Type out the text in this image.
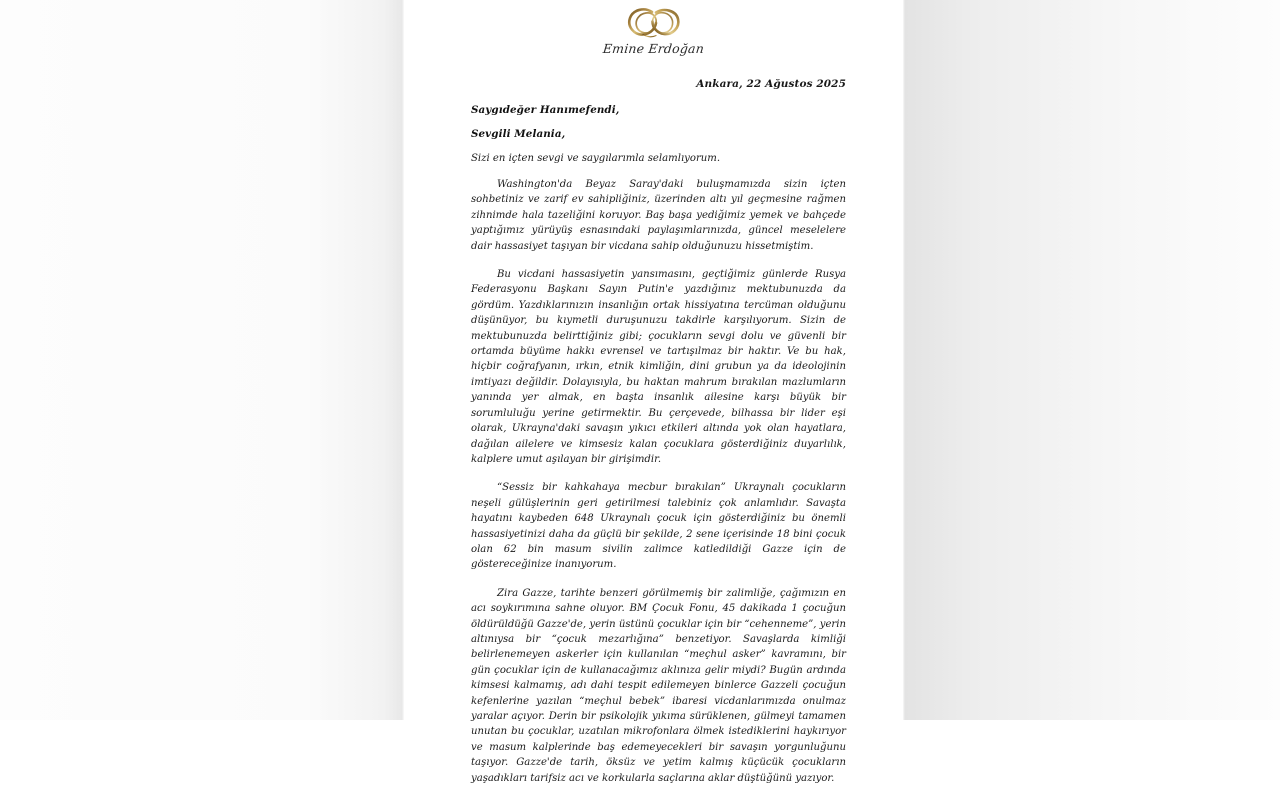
Emine Erdoğan
Ankara, 22 Ağustos 2025
Saygıdeğer Hanımefendi,
Sevgili Melania,
Sizi en içten sevgi ve saygılarımla selamlıyorum.

Washington'da Beyaz Saray'daki buluşmamızda sizin içten sohbetiniz ve zarif ev sahipliğiniz, üzerinden altı yıl geçmesine rağmen zihnimde hala tazeliğini koruyor. Baş başa yediğimiz yemek ve bahçede yaptığımız yürüyüş esnasındaki paylaşımlarınızda, güncel meselelere dair hassasiyet taşıyan bir vicdana sahip olduğunuzu hissetmiştim.

Bu vicdani hassasiyetin yansımasını, geçtiğimiz günlerde Rusya Federasyonu Başkanı Sayın Putin'e yazdığınız mektubunuzda da gördüm. Yazdıklarınızın insanlığın ortak hissiyatına tercüman olduğunu düşünüyor, bu kıymetli duruşunuzu takdirle karşılıyorum. Sizin de mektubunuzda belirttiğiniz gibi; çocukların sevgi dolu ve güvenli bir ortamda büyüme hakkı evrensel ve tartışılmaz bir haktır. Ve bu hak, hiçbir coğrafyanın, ırkın, etnik kimliğin, dini grubun ya da ideolojinin imtiyazı değildir. Dolayısıyla, bu haktan mahrum bırakılan mazlumların yanında yer almak, en başta insanlık ailesine karşı büyük bir sorumluluğu yerine getirmektir. Bu çerçevede, bilhassa bir lider eşi olarak, Ukrayna'daki savaşın yıkıcı etkileri altında yok olan hayatlara, dağılan ailelere ve kimsesiz kalan çocuklara gösterdiğiniz duyarlılık, kalplere umut aşılayan bir girişimdir.

“Sessiz bir kahkahaya mecbur bırakılan” Ukraynalı çocukların neşeli gülüşlerinin geri getirilmesi talebiniz çok anlamlıdır. Savaşta hayatını kaybeden 648 Ukraynalı çocuk için gösterdiğiniz bu önemli hassasiyetinizi daha da güçlü bir şekilde, 2 sene içerisinde 18 bini çocuk olan 62 bin masum sivilin zalimce katledildiği Gazze için de göstereceğinize inanıyorum.

Zira Gazze, tarihte benzeri görülmemiş bir zalimliğe, çağımızın en acı soykırımına sahne oluyor. BM Çocuk Fonu, 45 dakikada 1 çocuğun öldürüldüğü Gazze'de, yerin üstünü çocuklar için bir “cehenneme”, yerin altınıysa bir “çocuk mezarlığına” benzetiyor. Savaşlarda kimliği belirlenemeyen askerler için kullanılan “meçhul asker” kavramını, bir gün çocuklar için de kullanacağımız aklınıza gelir miydi? Bugün ardında kimsesi kalmamış, adı dahi tespit edilemeyen binlerce Gazzeli çocuğun kefenlerine yazılan “meçhul bebek” ibaresi vicdanlarımızda onulmaz yaralar açıyor. Derin bir psikolojik yıkıma sürüklenen, gülmeyi tamamen unutan bu çocuklar, uzatılan mikrofonlara ölmek istediklerini haykırıyor ve masum kalplerinde baş edemeyecekleri bir savaşın yorgunluğunu taşıyor. Gazze'de tarih, öksüz ve yetim kalmış küçücük çocukların yaşadıkları tarifsiz acı ve korkularla saçlarına aklar düştüğünü yazıyor.
